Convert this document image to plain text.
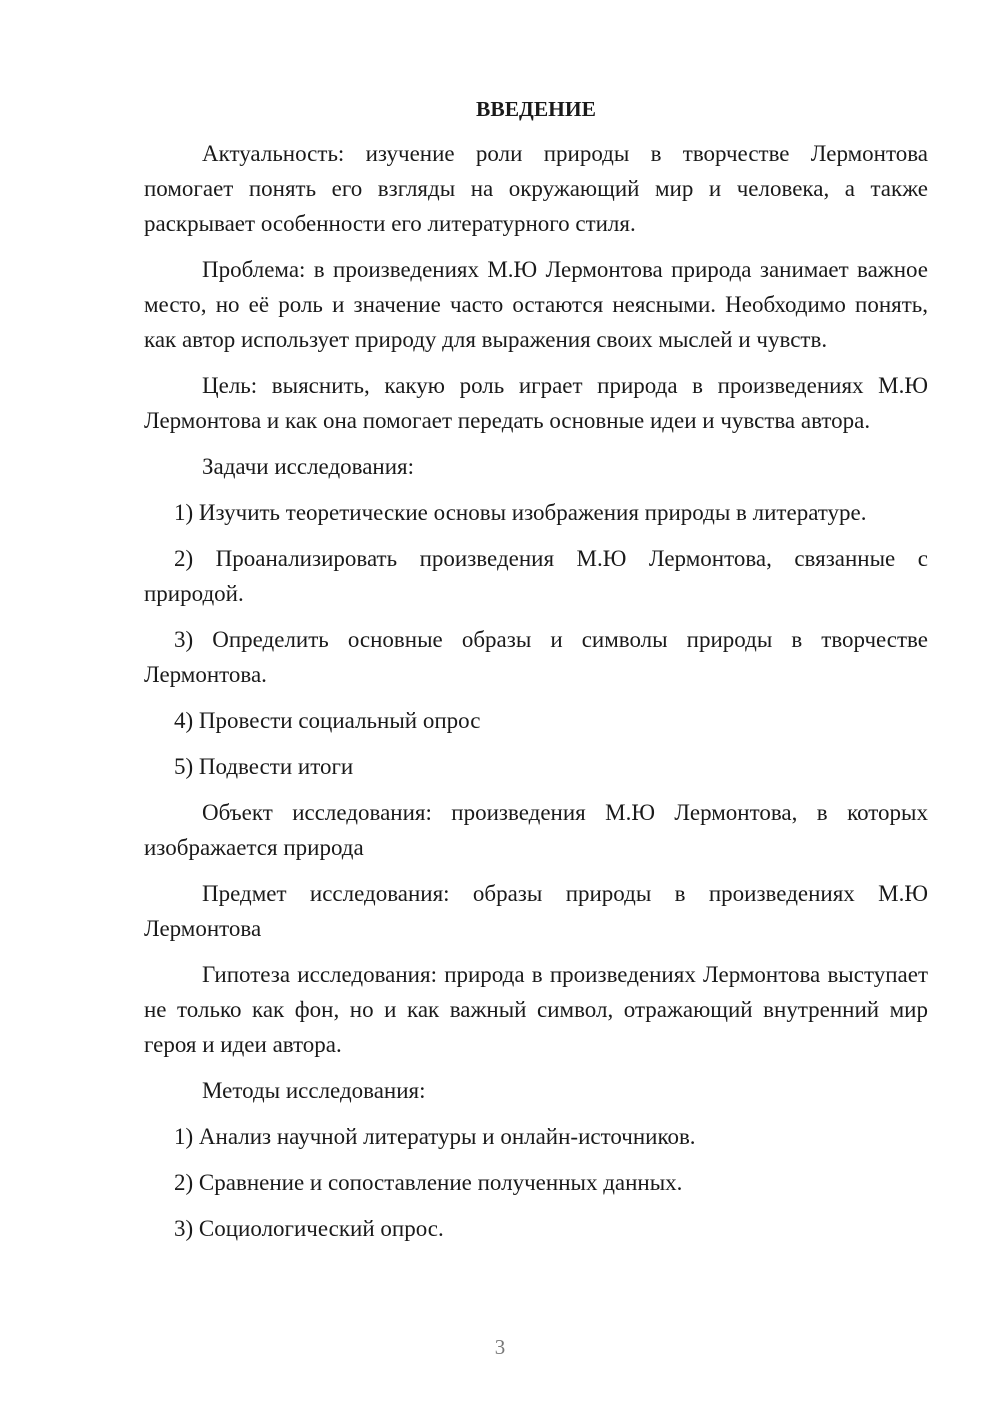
ВВЕДЕНИЕ

Актуальность: изучение роли природы в творчестве Лермонтова помогает понять его взгляды на окружающий мир и человека, а также раскрывает особенности его литературного стиля.

Проблема: в произведениях М.Ю Лермонтова природа занимает важное место, но её роль и значение часто остаются неясными. Необходимо понять, как автор использует природу для выражения своих мыслей и чувств.

Цель: выяснить, какую роль играет природа в произведениях М.Ю Лермонтова и как она помогает передать основные идеи и чувства автора.

Задачи исследования:

1) Изучить теоретические основы изображения природы в литературе.

2) Проанализировать произведения М.Ю Лермонтова, связанные с природой.

3) Определить основные образы и символы природы в творчестве Лермонтова.

4) Провести социальный опрос

5) Подвести итоги

Объект исследования: произведения М.Ю Лермонтова, в которых изображается природа

Предмет исследования: образы природы в произведениях М.Ю Лермонтова

Гипотеза исследования: природа в произведениях Лермонтова выступает не только как фон, но и как важный символ, отражающий внутренний мир героя и идеи автора.

Методы исследования:

1) Анализ научной литературы и онлайн-источников.

2) Сравнение и сопоставление полученных данных.

3) Социологический опрос.

3
